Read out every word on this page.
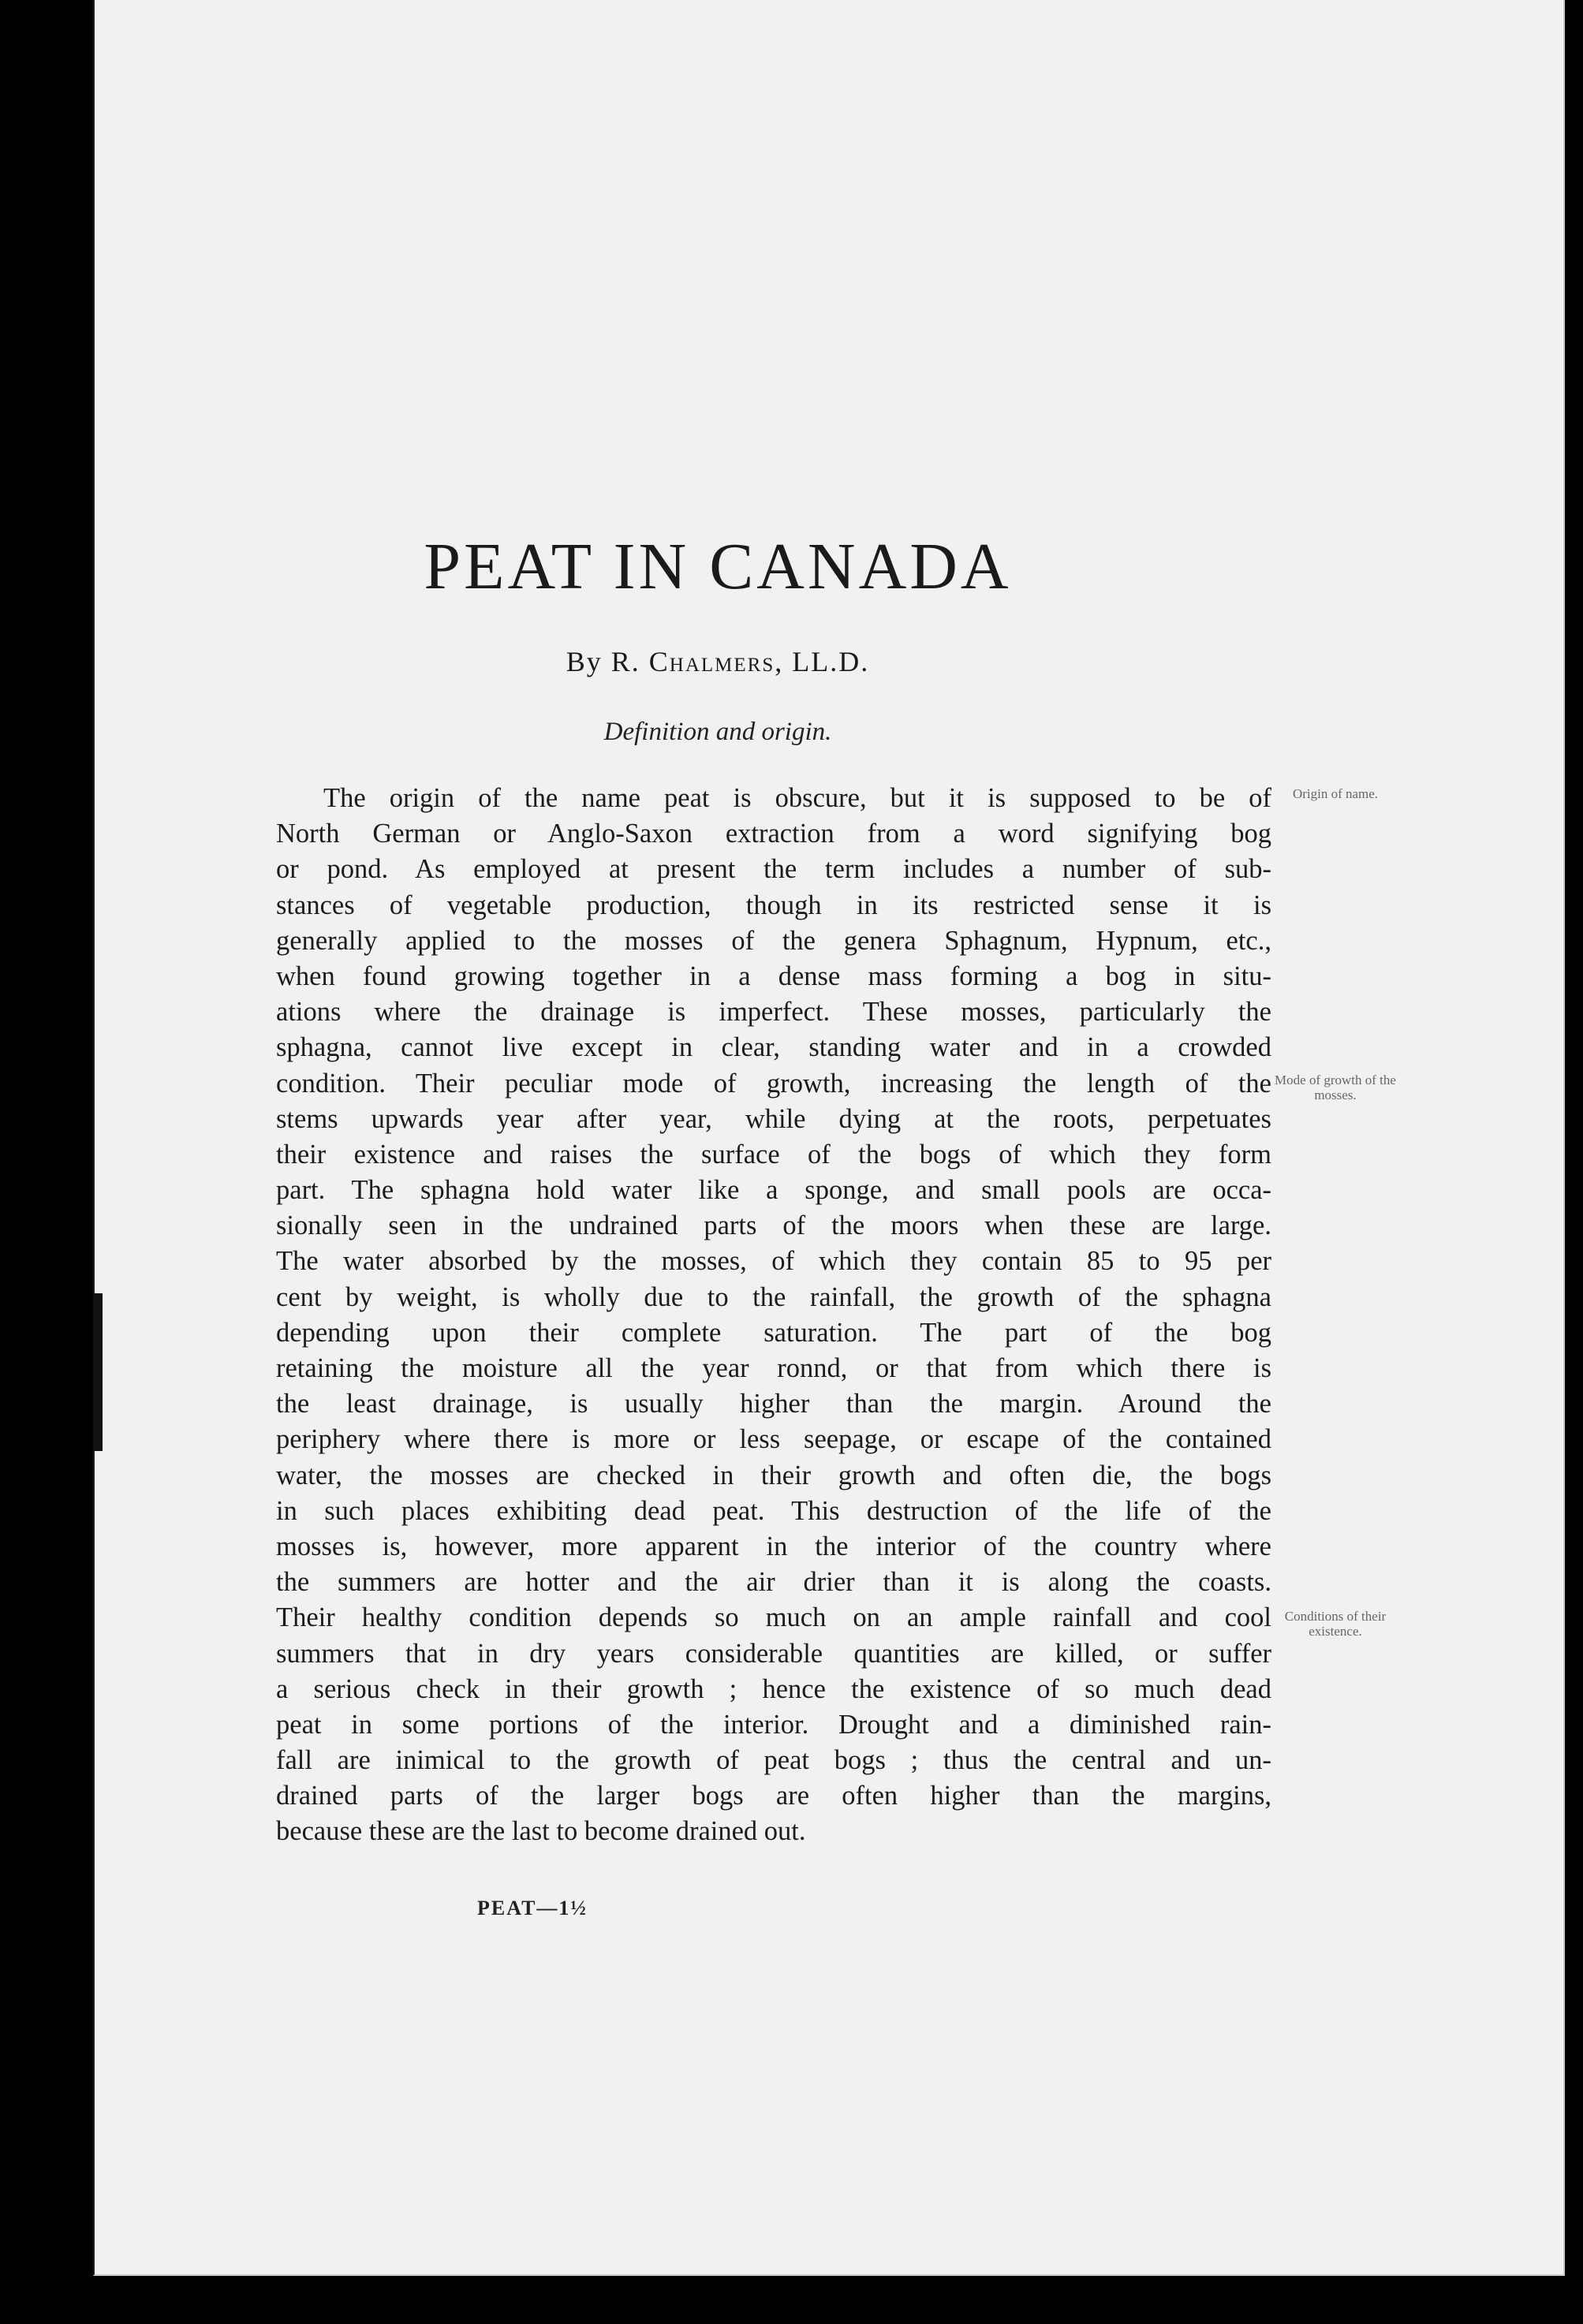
PEAT IN CANADA
By R. Chalmers, LL.D.
Definition and origin.
The origin of the name peat is obscure, but it is supposed to be of
North German or Anglo-Saxon extraction from a word signifying bog
or pond. As employed at present the term includes a number of sub-
stances of vegetable production, though in its restricted sense it is
generally applied to the mosses of the genera Sphagnum, Hypnum, etc.,
when found growing together in a dense mass forming a bog in situ-
ations where the drainage is imperfect. These mosses, particularly the
sphagna, cannot live except in clear, standing water and in a crowded
condition. Their peculiar mode of growth, increasing the length of the
stems upwards year after year, while dying at the roots, perpetuates
their existence and raises the surface of the bogs of which they form
part. The sphagna hold water like a sponge, and small pools are occa-
sionally seen in the undrained parts of the moors when these are large.
The water absorbed by the mosses, of which they contain 85 to 95 per
cent by weight, is wholly due to the rainfall, the growth of the sphagna
depending upon their complete saturation. The part of the bog
retaining the moisture all the year ronnd, or that from which there is
the least drainage, is usually higher than the margin. Around the
periphery where there is more or less seepage, or escape of the contained
water, the mosses are checked in their growth and often die, the bogs
in such places exhibiting dead peat. This destruction of the life of the
mosses is, however, more apparent in the interior of the country where
the summers are hotter and the air drier than it is along the coasts.
Their healthy condition depends so much on an ample rainfall and cool
summers that in dry years considerable quantities are killed, or suffer
a serious check in their growth ; hence the existence of so much dead
peat in some portions of the interior. Drought and a diminished rain-
fall are inimical to the growth of peat bogs ; thus the central and un-
drained parts of the larger bogs are often higher than the margins,
because these are the last to become drained out.
Origin of name.
Mode of growth of the mosses.
Conditions of their existence.
PEAT—1½
